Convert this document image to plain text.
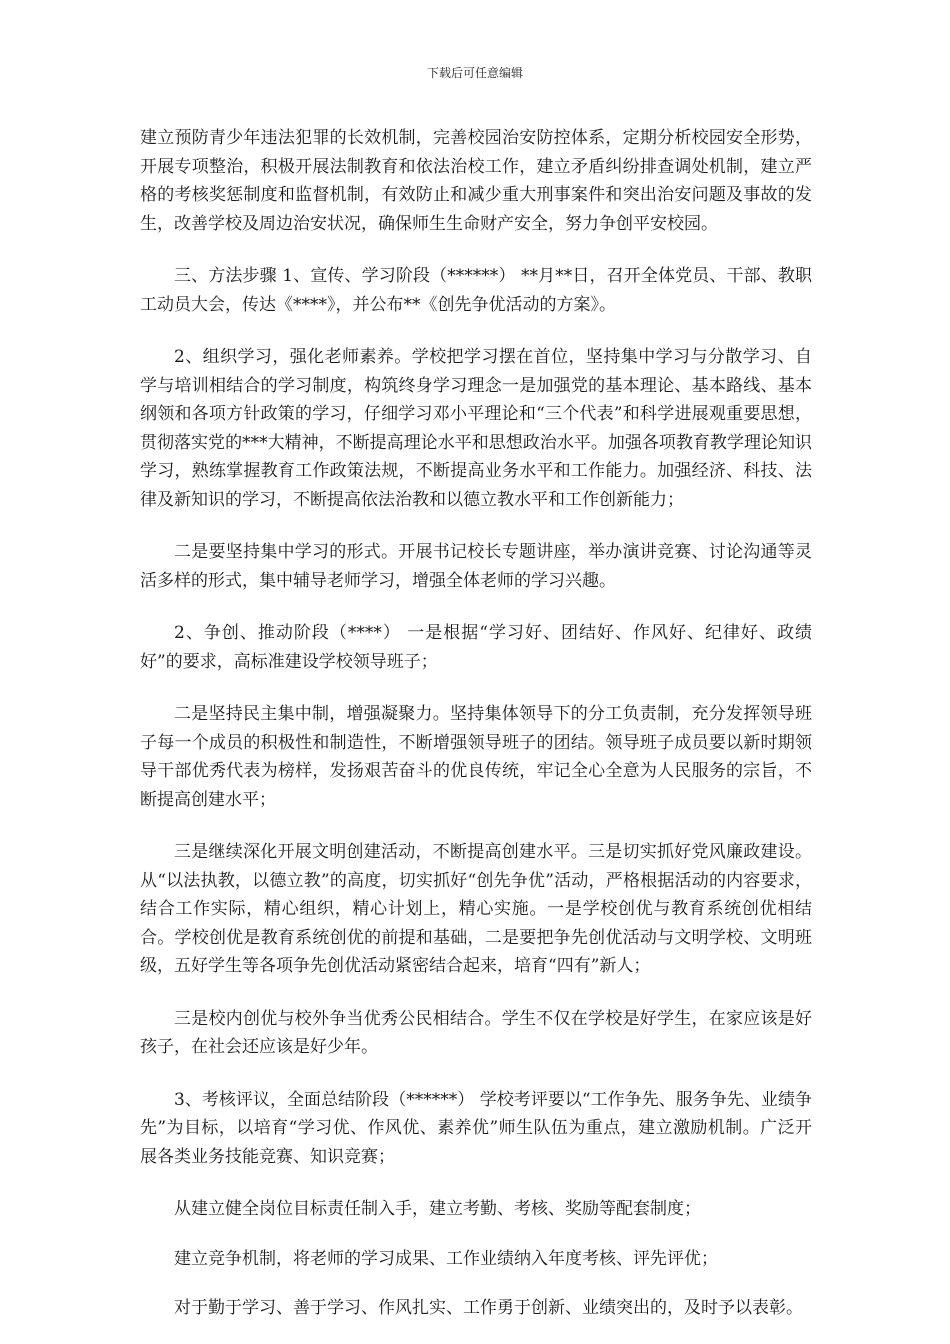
下载后可任意编辑

建立预防青少年违法犯罪的长效机制，完善校园治安防控体系，定期分析校园安全形势，开展专项整治，积极开展法制教育和依法治校工作，建立矛盾纠纷排查调处机制，建立严格的考核奖惩制度和监督机制，有效防止和减少重大刑事案件和突出治安问题及事故的发生，改善学校及周边治安状况，确保师生生命财产安全，努力争创平安校园。

三、方法步骤 1、宣传、学习阶段（******） **月**日，召开全体党员、干部、教职工动员大会，传达《****》，并公布**《创先争优活动的方案》。

2、组织学习，强化老师素养。学校把学习摆在首位，坚持集中学习与分散学习、自学与培训相结合的学习制度，构筑终身学习理念一是加强党的基本理论、基本路线、基本纲领和各项方针政策的学习，仔细学习邓小平理论和“三个代表”和科学进展观重要思想，贯彻落实党的***大精神，不断提高理论水平和思想政治水平。加强各项教育教学理论知识学习，熟练掌握教育工作政策法规，不断提高业务水平和工作能力。加强经济、科技、法律及新知识的学习，不断提高依法治教和以德立教水平和工作创新能力；

二是要坚持集中学习的形式。开展书记校长专题讲座，举办演讲竞赛、讨论沟通等灵活多样的形式，集中辅导老师学习，增强全体老师的学习兴趣。

2、争创、推动阶段（****） 一是根据“学习好、团结好、作风好、纪律好、政绩好”的要求，高标准建设学校领导班子；

二是坚持民主集中制，增强凝聚力。坚持集体领导下的分工负责制，充分发挥领导班子每一个成员的积极性和制造性，不断增强领导班子的团结。领导班子成员要以新时期领导干部优秀代表为榜样，发扬艰苦奋斗的优良传统，牢记全心全意为人民服务的宗旨，不断提高创建水平；

三是继续深化开展文明创建活动，不断提高创建水平。三是切实抓好党风廉政建设。从“以法执教，以德立教”的高度，切实抓好“创先争优”活动，严格根据活动的内容要求，结合工作实际，精心组织，精心计划上，精心实施。一是学校创优与教育系统创优相结合。学校创优是教育系统创优的前提和基础，二是要把争先创优活动与文明学校、文明班级，五好学生等各项争先创优活动紧密结合起来，培育“四有”新人；

三是校内创优与校外争当优秀公民相结合。学生不仅在学校是好学生，在家应该是好孩子，在社会还应该是好少年。

3、考核评议，全面总结阶段（******） 学校考评要以“工作争先、服务争先、业绩争先”为目标，以培育“学习优、作风优、素养优”师生队伍为重点，建立激励机制。广泛开展各类业务技能竞赛、知识竞赛；

从建立健全岗位目标责任制入手，建立考勤、考核、奖励等配套制度；

建立竞争机制，将老师的学习成果、工作业绩纳入年度考核、评先评优；

对于勤于学习、善于学习、作风扎实、工作勇于创新、业绩突出的，及时予以表彰。
